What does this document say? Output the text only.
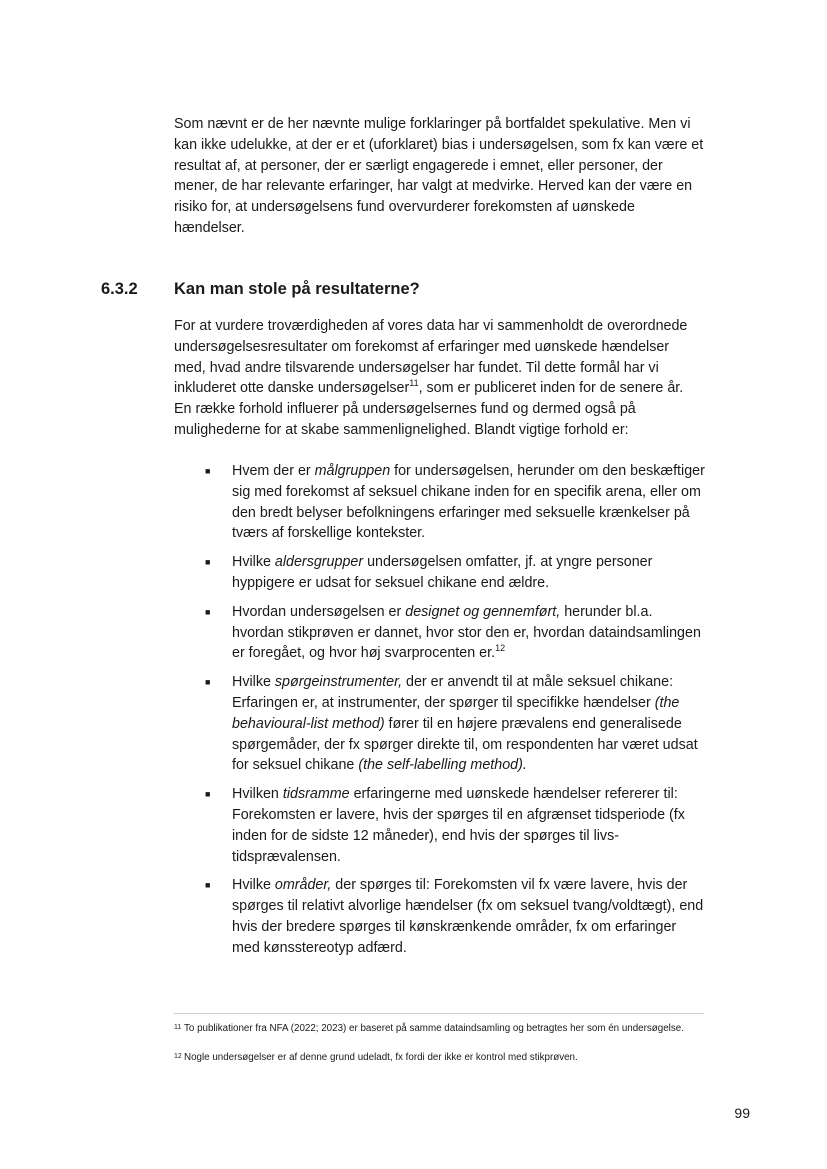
Som nævnt er de her nævnte mulige forklaringer på bortfaldet spekulative. Men vi kan ikke udelukke, at der er et (uforklaret) bias i undersøgelsen, som fx kan være et resultat af, at personer, der er særligt engagerede i emnet, eller personer, der mener, de har relevante erfaringer, har valgt at medvirke. Herved kan der være en risiko for, at undersøgelsens fund overvurderer forekomsten af uønskede hændelser.

6.3.2 Kan man stole på resultaterne?

For at vurdere troværdigheden af vores data har vi sammenholdt de overordnede undersøgelsesresultater om forekomst af erfaringer med uønskede hændelser med, hvad andre tilsvarende undersøgelser har fundet. Til dette formål har vi inkluderet otte danske undersøgelser$^{11}$, som er publiceret inden for de senere år. En række forhold influerer på undersøgelsernes fund og dermed også på mulighederne for at skabe sammenlignelighed. Blandt vigtige forhold er:

■ Hvem der er målgruppen for undersøgelsen, herunder om den beskæftiger sig med forekomst af seksuel chikane inden for en specifik arena, eller om den bredt belyser befolkningens erfaringer med seksuelle krænkelser på tværs af forskellige kontekster.
■ Hvilke aldersgrupper undersøgelsen omfatter, jf. at yngre personer hyppigere er udsat for seksuel chikane end ældre.
■ Hvordan undersøgelsen er designet og gennemført, herunder bl.a. hvordan stikprøven er dannet, hvor stor den er, hvordan dataindsamlingen er foregået, og hvor høj svarprocenten er.$^{12}$
■ Hvilke spørgeinstrumenter, der er anvendt til at måle seksuel chikane: Erfaringen er, at instrumenter, der spørger til specifikke hændelser (the behavioural-list method) fører til en højere prævalens end generalisede spørgemåder, der fx spørger direkte til, om respondenten har været udsat for seksuel chikane (the self-labelling method).
■ Hvilken tidsramme erfaringerne med uønskede hændelser refererer til: Forekomsten er lavere, hvis der spørges til en afgrænset tidsperiode (fx inden for de sidste 12 måneder), end hvis der spørges til livstidsprævalensen.
■ Hvilke områder, der spørges til: Forekomsten vil fx være lavere, hvis der spørges til relativt alvorlige hændelser (fx om seksuel tvang/voldtægt), end hvis der bredere spørges til kønskrænkende områder, fx om erfaringer med kønsstereotyp adfærd.

11 To publikationer fra NFA (2022; 2023) er baseret på samme dataindsamling og betragtes her som én undersøgelse.

12 Nogle undersøgelser er af denne grund udeladt, fx fordi der ikke er kontrol med stikprøven.

99
